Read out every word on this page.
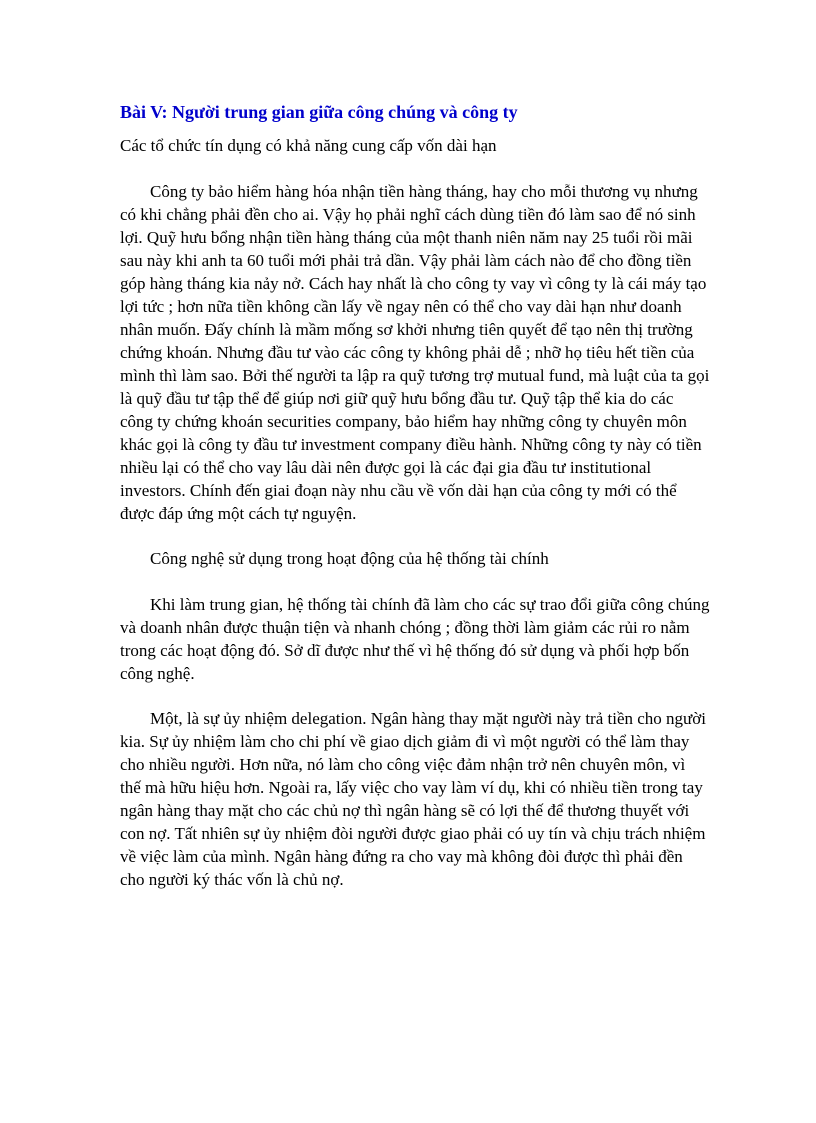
Bài V: Người trung gian giữa công chúng và công ty
Các tổ chức tín dụng có khả năng cung cấp vốn dài hạn

Công ty bảo hiểm hàng hóa nhận tiền hàng tháng, hay cho mỗi thương vụ nhưng có khi chẳng phải đền cho ai. Vậy họ phải nghĩ cách dùng tiền đó làm sao để nó sinh lợi. Quỹ hưu bổng nhận tiền hàng tháng của một thanh niên năm nay 25 tuổi rồi mãi sau này khi anh ta 60 tuổi mới phải trả dần. Vậy phải làm cách nào để cho đồng tiền góp hàng tháng kia nảy nở. Cách hay nhất là cho công ty vay vì công ty là cái máy tạo lợi tức ; hơn nữa tiền không cần lấy về ngay nên có thể cho vay dài hạn như doanh nhân muốn. Đấy chính là mầm mống sơ khởi nhưng tiên quyết để tạo nên thị trường chứng khoán. Nhưng đầu tư vào các công ty không phải dễ ; nhỡ họ tiêu hết tiền của mình thì làm sao. Bởi thế người ta lập ra quỹ tương trợ mutual fund, mà luật của ta gọi là quỹ đầu tư tập thể để giúp nơi giữ quỹ hưu bổng đầu tư. Quỹ tập thể kia do các công ty chứng khoán securities company, bảo hiểm hay những công ty chuyên môn khác gọi là công ty đầu tư investment company điều hành. Những công ty này có tiền nhiều lại có thể cho vay lâu dài nên được gọi là các đại gia đầu tư institutional investors. Chính đến giai đoạn này nhu cầu về vốn dài hạn của công ty mới có thể được đáp ứng một cách tự nguyện.

Công nghệ sử dụng trong hoạt động của hệ thống tài chính

Khi làm trung gian, hệ thống tài chính đã làm cho các sự trao đổi giữa công chúng và doanh nhân được thuận tiện và nhanh chóng ; đồng thời làm giảm các rủi ro nằm trong các hoạt động đó. Sở dĩ được như thế vì hệ thống đó sử dụng và phối hợp bốn công nghệ.

Một, là sự ủy nhiệm delegation. Ngân hàng thay mặt người này trả tiền cho người kia. Sự ủy nhiệm làm cho chi phí về giao dịch giảm đi vì một người có thể làm thay cho nhiều người. Hơn nữa, nó làm cho công việc đảm nhận trở nên chuyên môn, vì thế mà hữu hiệu hơn. Ngoài ra, lấy việc cho vay làm ví dụ, khi có nhiều tiền trong tay ngân hàng thay mặt cho các chủ nợ thì ngân hàng sẽ có lợi thế để thương thuyết với con nợ. Tất nhiên sự ủy nhiệm đòi người được giao phải có uy tín và chịu trách nhiệm về việc làm của mình. Ngân hàng đứng ra cho vay mà không đòi được thì phải đền cho người ký thác vốn là chủ nợ.
